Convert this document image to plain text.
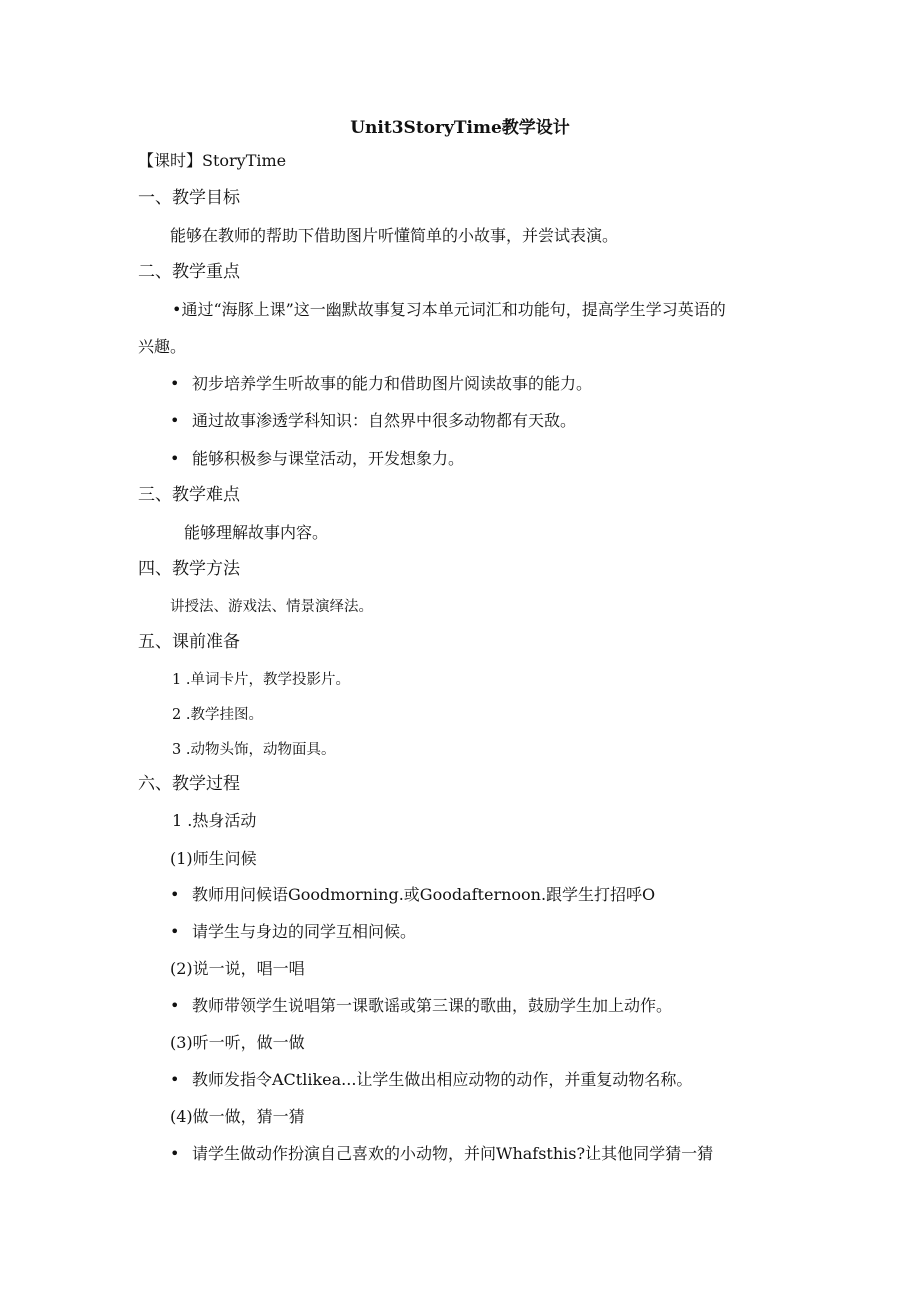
Unit3StoryTime教学设计
【课时】StoryTime
一、教学目标
能够在教师的帮助下借助图片听懂简单的小故事，并尝试表演。
二、教学重点
•通过“海豚上课”这一幽默故事复习本单元词汇和功能句，提高学生学习英语的
兴趣。
• 初步培养学生听故事的能力和借助图片阅读故事的能力。
• 通过故事渗透学科知识：自然界中很多动物都有天敌。
• 能够积极参与课堂活动，开发想象力。
三、教学难点
能够理解故事内容。
四、教学方法
讲授法、游戏法、情景演绎法。
五、课前准备
1 .单词卡片，教学投影片。
2 .教学挂图。
3 .动物头饰，动物面具。
六、教学过程
1 .热身活动
(1)师生问候
• 教师用问候语Goodmorning.或Goodafternoon.跟学生打招呼O
• 请学生与身边的同学互相问候。
(2)说一说，唱一唱
• 教师带领学生说唱第一课歌谣或第三课的歌曲，鼓励学生加上动作。
(3)听一听，做一做
• 教师发指令ACtlikea...让学生做出相应动物的动作，并重复动物名称。
(4)做一做，猜一猜
• 请学生做动作扮演自己喜欢的小动物，并问Whafsthis?让其他同学猜一猜
